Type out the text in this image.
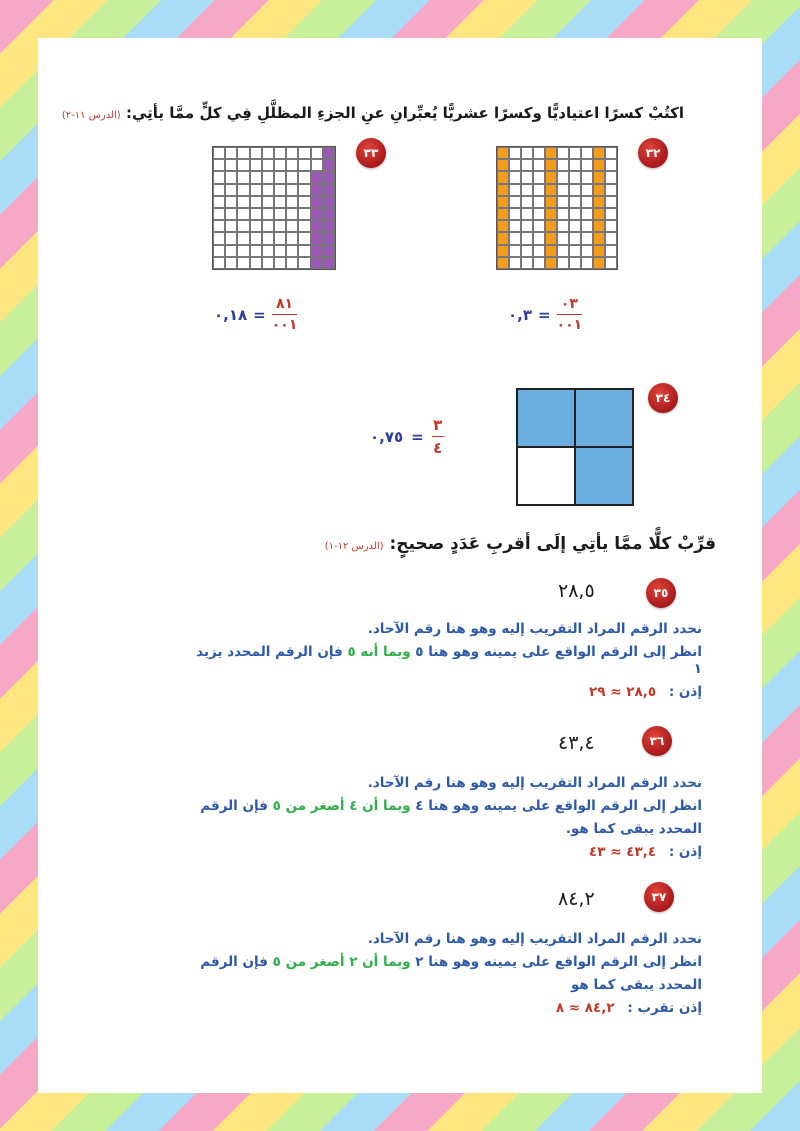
اكتُبْ كسرًا اعتياديًّا وكسرًا عشريًّا يُعبِّرانِ عنِ الجزءِ المظلَّلِ فِي كلٍّ ممَّا يأتِي: (الدرس ١١-٢)
٣٢
٠,٣ = $\frac{٠٣}{٠٠١}$
٣٣
٠,١٨ = $\frac{٨١}{٠٠١}$
٣٤
٠,٧٥ = $\frac{٣}{٤}$
قرِّبْ كلًّا ممَّا يأتِي إلَى أقربِ عَدَدٍ صحيحٍ: (الدرس ١٢-١)
٣٥
٢٨,٥
نحدد الرقم المراد التقريب إليه وهو هنا رقم الآحاد.
انظر إلى الرقم الواقع على يمينه وهو هنا ٥ وبما أنه ٥ فإن الرقم المحدد يزيد
١
إذن : ٢٨,٥ ≈ ٢٩
٣٦
٤٣,٤
نحدد الرقم المراد التقريب إليه وهو هنا رقم الآحاد.
انظر إلى الرقم الواقع على يمينه وهو هنا ٤ وبما أن ٤ أصغر من ٥ فإن الرقم
المحدد يبقى كما هو.
إذن : ٤٣,٤ ≈ ٤٣
٣٧
٨٤,٢
نحدد الرقم المراد التقريب إليه وهو هنا رقم الآحاد.
انظر إلى الرقم الواقع على يمينه وهو هنا ٢ وبما أن ٢ أصغر من ٥ فإن الرقم
المحدد يبقى كما هو
إذن تقرب : ٨٤,٢ ≈ ٨
